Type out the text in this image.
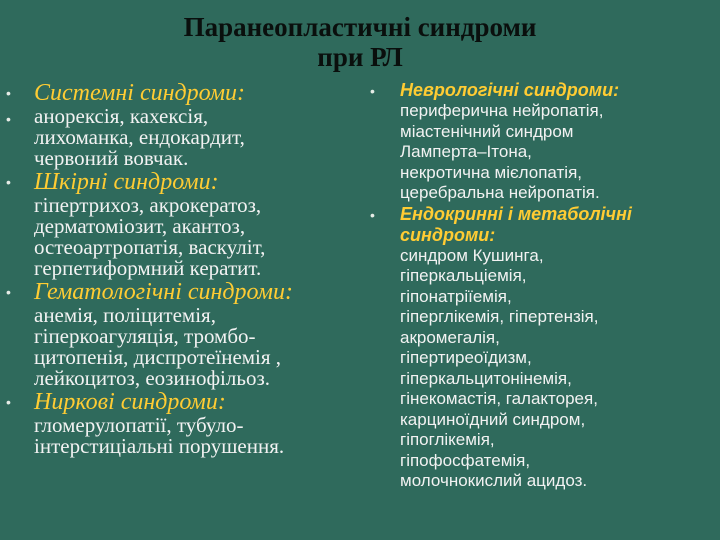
Паранеопластичні синдроми
при РЛ
• Системні синдроми:
• анорексія, кахексія,
лихоманка, ендокардит,
червоний вовчак.
• Шкірні синдроми:
гіпертрихоз, акрокератоз,
дерматоміозит, акантоз,
остеоартропатія, васкуліт,
герпетиформний кератит.
• Гематологічні синдроми:
анемія, поліцитемія,
гіперкоагуляція, тромбо-
цитопенія, диспротеїнемія ,
лейкоцитоз, еозинофільоз.
• Ниркові синдроми:
гломерулопатії, тубуло-
інтерстиціальні порушення.
• Неврологічні синдроми:
периферична нейропатія,
міастенічний синдром
Ламперта–Ітона,
некротична мієлопатія,
церебральна нейропатія.
• Ендокринні і метаболічні
синдроми:
синдром Кушинга,
гіперкальціемія,
гіпонатріїемія,
гіперглікемія, гіпертензія,
акромегалія,
гіпертиреоїдизм,
гіперкальцитонінемія,
гінекомастія, галакторея,
карциноїдний синдром,
гіпоглікемія,
гіпофосфатемія,
молочнокислий ацидоз.
